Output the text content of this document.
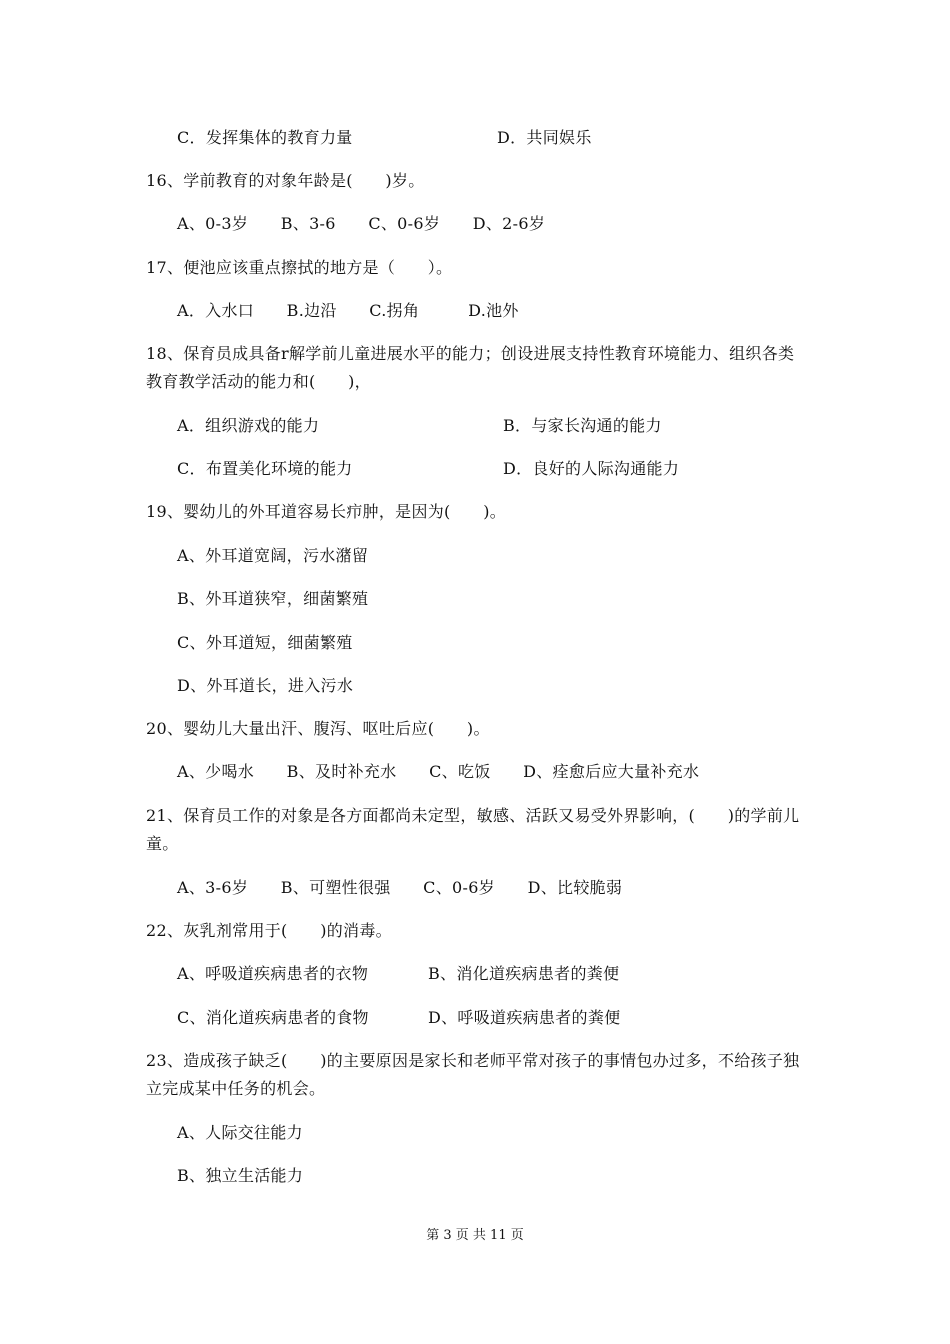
C．发挥集体的教育力量	D．共同娱乐
16、学前教育的对象年龄是(　　)岁。
A、0-3岁　　B、3-6　　C、0-6岁　　D、2-6岁
17、便池应该重点擦拭的地方是（　　）。
A．入水口　　B.边沿　　C.拐角　　　D.池外
18、保育员成具备r解学前儿童进展水平的能力；创设进展支持性教育环境能力、组织各类
教育教学活动的能力和(　　)，
A．组织游戏的能力	B．与家长沟通的能力
C．布置美化环境的能力	D．良好的人际沟通能力
19、婴幼儿的外耳道容易长疖肿，是因为(　　)。
A、外耳道宽阔，污水潴留
B、外耳道狭窄，细菌繁殖
C、外耳道短，细菌繁殖
D、外耳道长，进入污水
20、婴幼儿大量出汗、腹泻、呕吐后应(　　)。
A、少喝水　　B、及时补充水　　C、吃饭　　D、痊愈后应大量补充水
21、保育员工作的对象是各方面都尚未定型，敏感、活跃又易受外界影响，(　　)的学前儿
童。
A、3-6岁　　B、可塑性很强　　C、0-6岁　　D、比较脆弱
22、灰乳剂常用于(　　)的消毒。
A、呼吸道疾病患者的衣物	B、消化道疾病患者的粪便
C、消化道疾病患者的食物	D、呼吸道疾病患者的粪便
23、造成孩子缺乏(　　)的主要原因是家长和老师平常对孩子的事情包办过多，不给孩子独
立完成某中任务的机会。
A、人际交往能力
B、独立生活能力
第 3 页 共 11 页
